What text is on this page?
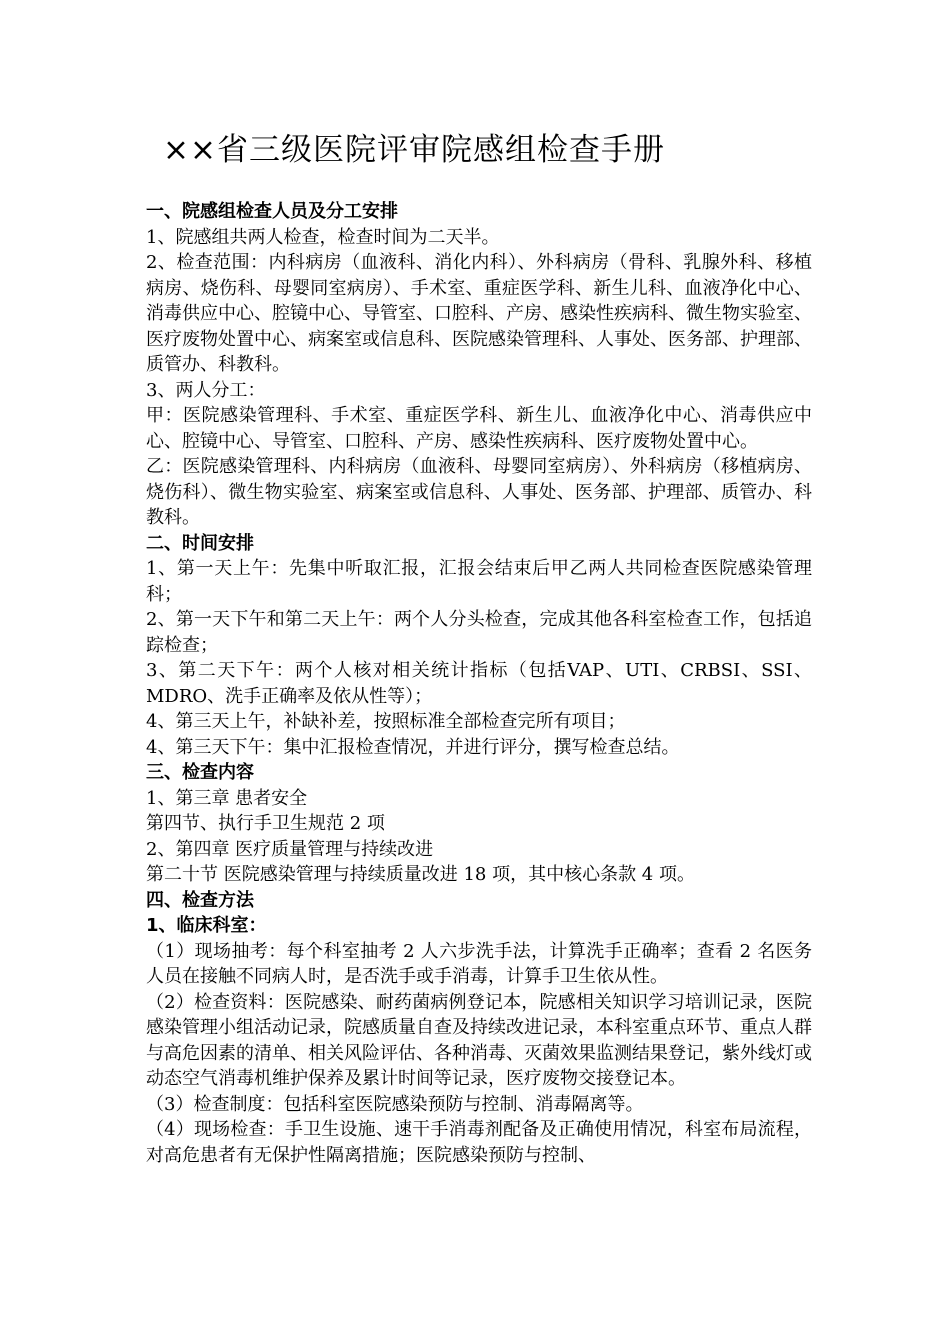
××省三级医院评审院感组检查手册

一、院感组检查人员及分工安排

1、院感组共两人检查，检查时间为二天半。

2、检查范围：内科病房（血液科、消化内科）、外科病房（骨科、乳腺外科、移植病房、烧伤科、母婴同室病房）、手术室、重症医学科、新生儿科、血液净化中心、消毒供应中心、腔镜中心、导管室、口腔科、产房、感染性疾病科、微生物实验室、医疗废物处置中心、病案室或信息科、医院感染管理科、人事处、医务部、护理部、质管办、科教科。

3、两人分工：

甲：医院感染管理科、手术室、重症医学科、新生儿、血液净化中心、消毒供应中心、腔镜中心、导管室、口腔科、产房、感染性疾病科、医疗废物处置中心。

乙：医院感染管理科、内科病房（血液科、母婴同室病房）、外科病房（移植病房、烧伤科）、微生物实验室、病案室或信息科、人事处、医务部、护理部、质管办、科教科。

二、时间安排

1、第一天上午：先集中听取汇报，汇报会结束后甲乙两人共同检查医院感染管理科；

2、第一天下午和第二天上午：两个人分头检查，完成其他各科室检查工作，包括追踪检查；

3、第二天下午：两个人核对相关统计指标（包括VAP、UTI、CRBSI、SSI、MDRO、洗手正确率及依从性等）；

4、第三天上午，补缺补差，按照标准全部检查完所有项目；

4、第三天下午：集中汇报检查情况，并进行评分，撰写检查总结。

三、检查内容

1、第三章 患者安全

第四节、执行手卫生规范 2 项

2、第四章 医疗质量管理与持续改进

第二十节 医院感染管理与持续质量改进 18 项，其中核心条款 4 项。

四、检查方法

1、临床科室：

（1）现场抽考：每个科室抽考 2 人六步洗手法，计算洗手正确率；查看 2 名医务人员在接触不同病人时，是否洗手或手消毒，计算手卫生依从性。

（2）检查资料：医院感染、耐药菌病例登记本，院感相关知识学习培训记录，医院感染管理小组活动记录，院感质量自查及持续改进记录，本科室重点环节、重点人群与高危因素的清单、相关风险评估、各种消毒、灭菌效果监测结果登记，紫外线灯或动态空气消毒机维护保养及累计时间等记录，医疗废物交接登记本。

（3）检查制度：包括科室医院感染预防与控制、消毒隔离等。

（4）现场检查：手卫生设施、速干手消毒剂配备及正确使用情况，科室布局流程，对高危患者有无保护性隔离措施；医院感染预防与控制、
